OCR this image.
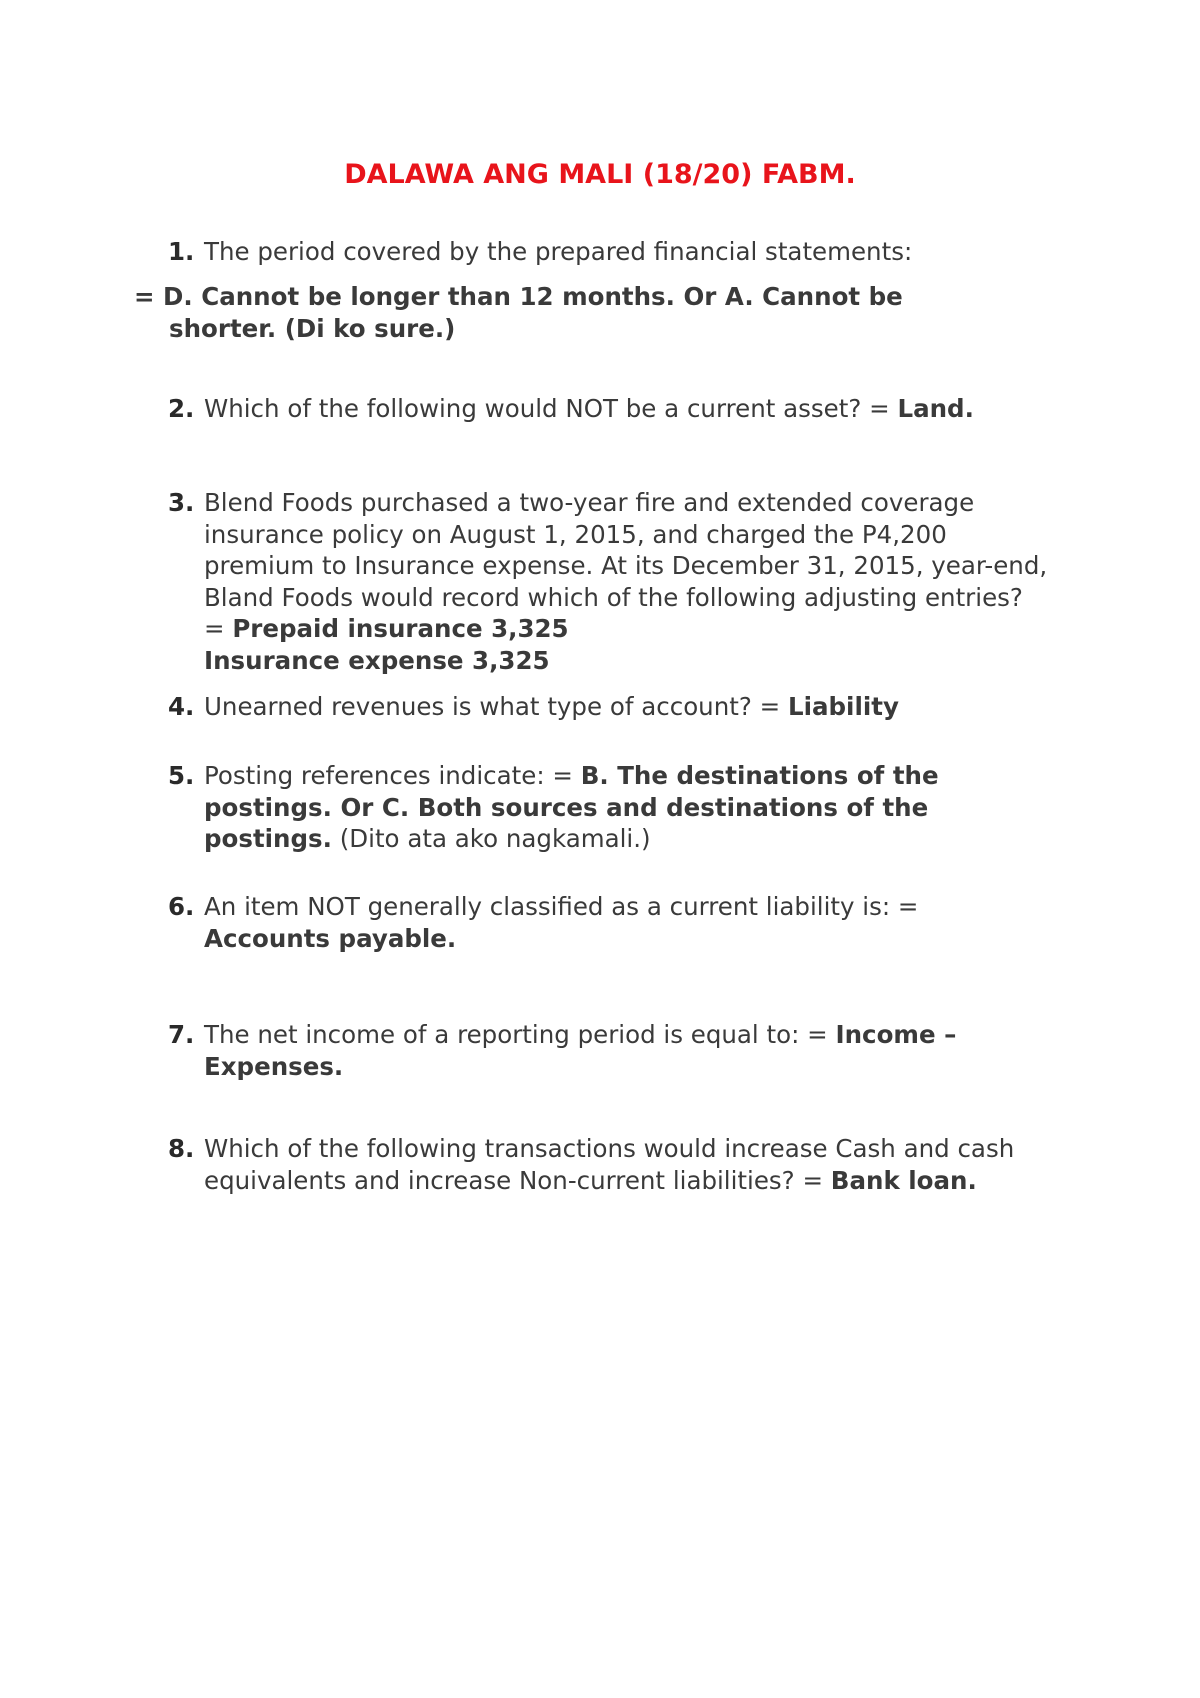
DALAWA ANG MALI (18/20) FABM.
1. The period covered by the prepared financial statements:
= D. Cannot be longer than 12 months. Or A. Cannot be
shorter. (Di ko sure.)
2. Which of the following would NOT be a current asset? = Land.
3. Blend Foods purchased a two-year fire and extended coverage insurance policy on August 1, 2015, and charged the P4,200 premium to Insurance expense. At its December 31, 2015, year-end, Bland Foods would record which of the following adjusting entries? = Prepaid insurance 3,325
Insurance expense 3,325
4. Unearned revenues is what type of account? = Liability
5. Posting references indicate: = B. The destinations of the postings. Or C. Both sources and destinations of the postings. (Dito ata ako nagkamali.)
6. An item NOT generally classified as a current liability is: = Accounts payable.
7. The net income of a reporting period is equal to: = Income – Expenses.
8. Which of the following transactions would increase Cash and cash equivalents and increase Non-current liabilities? = Bank loan.
